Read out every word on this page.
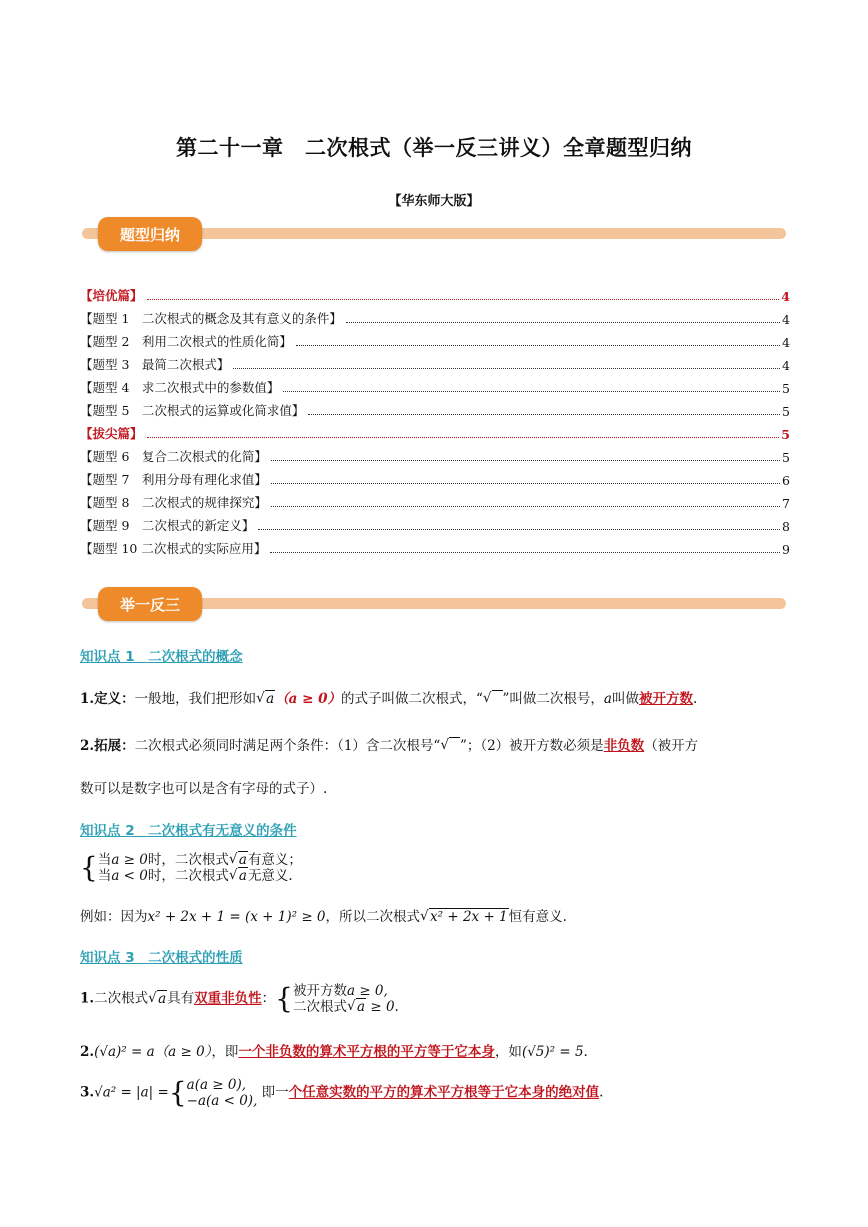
第二十一章　二次根式（举一反三讲义）全章题型归纳
【华东师大版】
题型归纳
【培优篇】	4
【题型 1　二次根式的概念及其有意义的条件】	4
【题型 2　利用二次根式的性质化简】	4
【题型 3　最简二次根式】	4
【题型 4　求二次根式中的参数值】	5
【题型 5　二次根式的运算或化简求值】	5
【拔尖篇】	5
【题型 6　复合二次根式的化简】	5
【题型 7　利用分母有理化求值】	6
【题型 8　二次根式的规律探究】	7
【题型 9　二次根式的新定义】	8
【题型 10 二次根式的实际应用】	9
举一反三
知识点 1　二次根式的概念
1.定义：一般地，我们把形如 √ a（a ≥ 0）的式子叫做二次根式，“ √ ”叫做二次根号，a叫做被开方数.
2.拓展：二次根式必须同时满足两个条件：（1）含二次根号“ √ ”；（2）被开方数必须是非负数（被开方
数可以是数字也可以是含有字母的式子）.
知识点 2　二次根式有无意义的条件
{ 当a ≥ 0时，二次根式 √ a有意义；
当a < 0时，二次根式 √ a无意义.
例如：因为x² + 2x + 1 = (x + 1)² ≥ 0，所以二次根式 √ x² + 2x + 1恒有意义.
知识点 3　二次根式的性质
1.二次根式 √ a具有双重非负性：{ 被开方数a ≥ 0,
二次根式 √ a ≥ 0.
2.(√a)² = a（a ≥ 0），即一个非负数的算术平方根的平方等于它本身，如(√5)² = 5.
3.√a² = |a| ={ a(a ≥ 0),
−a(a < 0),
即一个任意实数的平方的算术平方根等于它本身的绝对值.
